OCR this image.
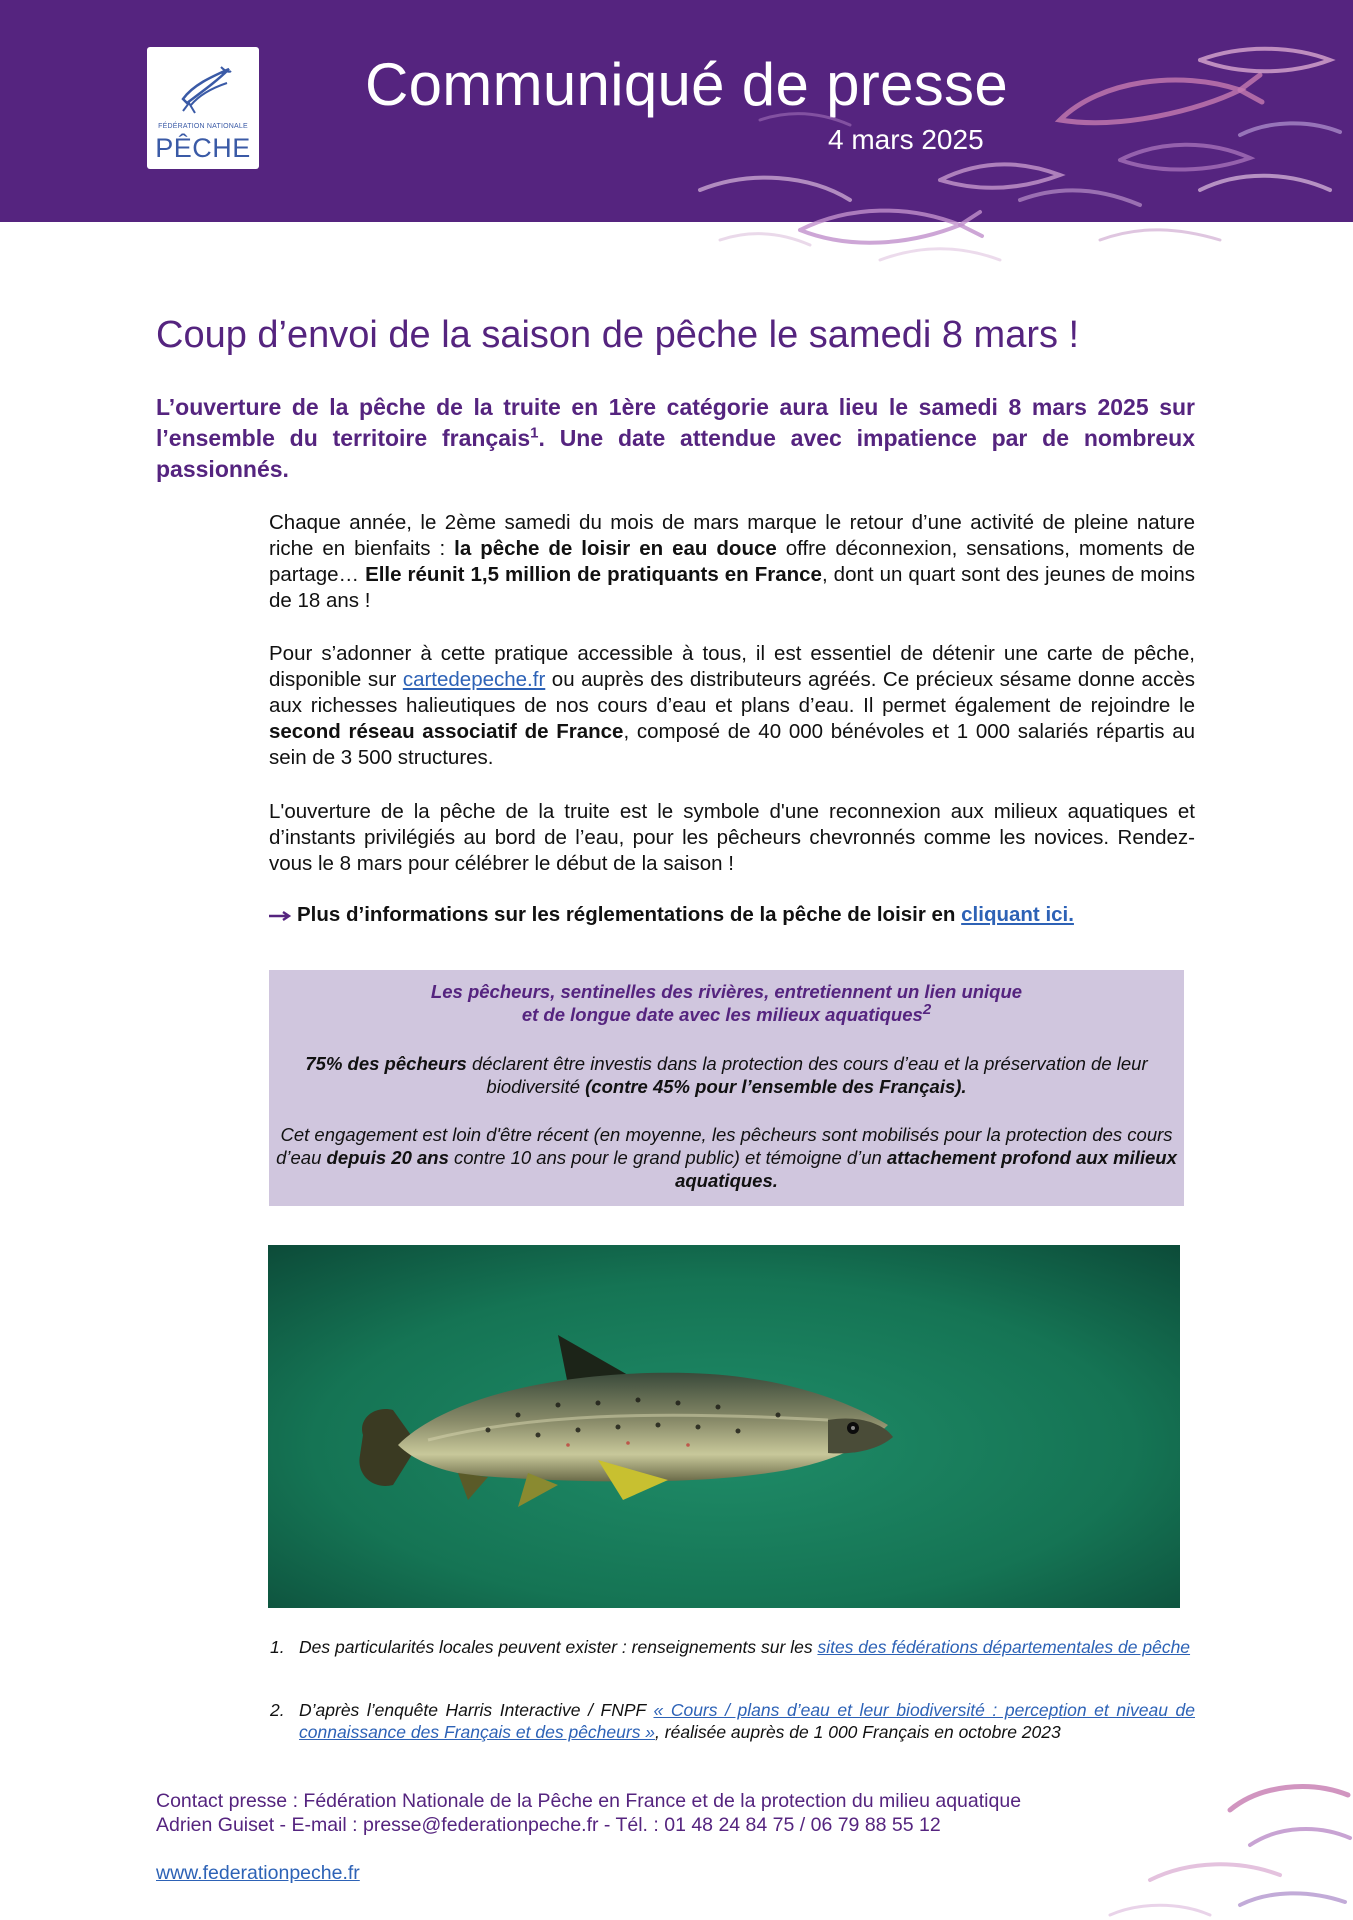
FÉDÉRATION NATIONALE
PÊCHE
Communiqué de presse
4 mars 2025
Coup d’envoi de la saison de pêche le samedi 8 mars !
L’ouverture de la pêche de la truite en 1ère catégorie aura lieu le samedi 8 mars 2025 sur l’ensemble du territoire français$^1$. Une date attendue avec impatience par de nombreux passionnés.
Chaque année, le 2ème samedi du mois de mars marque le retour d’une activité de pleine nature riche en bienfaits : la pêche de loisir en eau douce offre déconnexion, sensations, moments de partage… Elle réunit 1,5 million de pratiquants en France, dont un quart sont des jeunes de moins de 18 ans !
Pour s’adonner à cette pratique accessible à tous, il est essentiel de détenir une carte de pêche, disponible sur cartedepeche.fr ou auprès des distributeurs agréés. Ce précieux sésame donne accès aux richesses halieutiques de nos cours d’eau et plans d’eau. Il permet également de rejoindre le second réseau associatif de France, composé de 40 000 bénévoles et 1 000 salariés répartis au sein de 3 500 structures.
L'ouverture de la pêche de la truite est le symbole d'une reconnexion aux milieux aquatiques et d’instants privilégiés au bord de l’eau, pour les pêcheurs chevronnés comme les novices. Rendez-vous le 8 mars pour célébrer le début de la saison !
Plus d’informations sur les réglementations de la pêche de loisir en cliquant ici.
Les pêcheurs, sentinelles des rivières, entretiennent un lien unique
et de longue date avec les milieux aquatiques$^2$
75% des pêcheurs déclarent être investis dans la protection des cours d’eau et la préservation de leur biodiversité (contre 45% pour l’ensemble des Français).
Cet engagement est loin d'être récent (en moyenne, les pêcheurs sont mobilisés pour la protection des cours d’eau depuis 20 ans contre 10 ans pour le grand public) et témoigne d’un attachement profond aux milieux aquatiques.
1. Des particularités locales peuvent exister : renseignements sur les sites des fédérations départementales de pêche
2. D’après l’enquête Harris Interactive / FNPF « Cours / plans d’eau et leur biodiversité : perception et niveau de connaissance des Français et des pêcheurs », réalisée auprès de 1 000 Français en octobre 2023
Contact presse : Fédération Nationale de la Pêche en France et de la protection du milieu aquatique
Adrien Guiset - E-mail : presse@federationpeche.fr - Tél. : 01 48 24 84 75 / 06 79 88 55 12
www.federationpeche.fr
